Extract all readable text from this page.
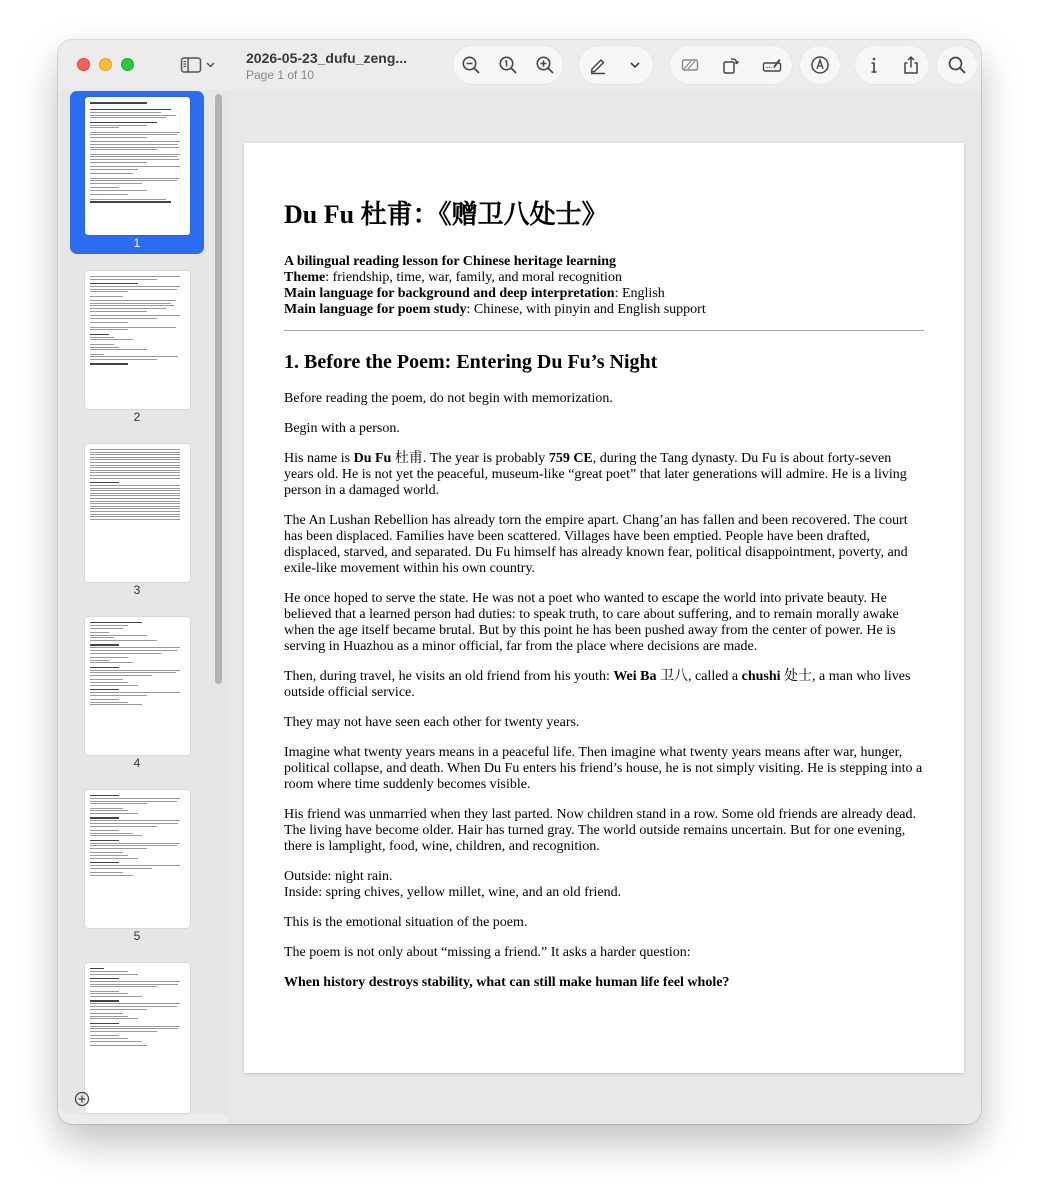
2026-05-23_dufu_zeng...
Page 1 of 10
1
2
3
4
5
Du Fu 杜甫：《赠卫八处士》
A bilingual reading lesson for Chinese heritage learning
Theme: friendship, time, war, family, and moral recognition
Main language for background and deep interpretation: English
Main language for poem study: Chinese, with pinyin and English support
1. Before the Poem: Entering Du Fu’s Night
Before reading the poem, do not begin with memorization.
Begin with a person.
His name is Du Fu 杜甫. The year is probably 759 CE, during the Tang dynasty. Du Fu is about forty-seven years old. He is not yet the peaceful, museum-like “great poet” that later generations will admire. He is a living person in a damaged world.
The An Lushan Rebellion has already torn the empire apart. Chang’an has fallen and been recovered. The court has been displaced. Families have been scattered. Villages have been emptied. People have been drafted, displaced, starved, and separated. Du Fu himself has already known fear, political disappointment, poverty, and exile-like movement within his own country.
He once hoped to serve the state. He was not a poet who wanted to escape the world into private beauty. He believed that a learned person had duties: to speak truth, to care about suffering, and to remain morally awake when the age itself became brutal. But by this point he has been pushed away from the center of power. He is serving in Huazhou as a minor official, far from the place where decisions are made.
Then, during travel, he visits an old friend from his youth: Wei Ba 卫八, called a chushi 处士, a man who lives outside official service.
They may not have seen each other for twenty years.
Imagine what twenty years means in a peaceful life. Then imagine what twenty years means after war, hunger, political collapse, and death. When Du Fu enters his friend’s house, he is not simply visiting. He is stepping into a room where time suddenly becomes visible.
His friend was unmarried when they last parted. Now children stand in a row. Some old friends are already dead. The living have become older. Hair has turned gray. The world outside remains uncertain. But for one evening, there is lamplight, food, wine, children, and recognition.
Outside: night rain.
Inside: spring chives, yellow millet, wine, and an old friend.
This is the emotional situation of the poem.
The poem is not only about “missing a friend.” It asks a harder question:
When history destroys stability, what can still make human life feel whole?
